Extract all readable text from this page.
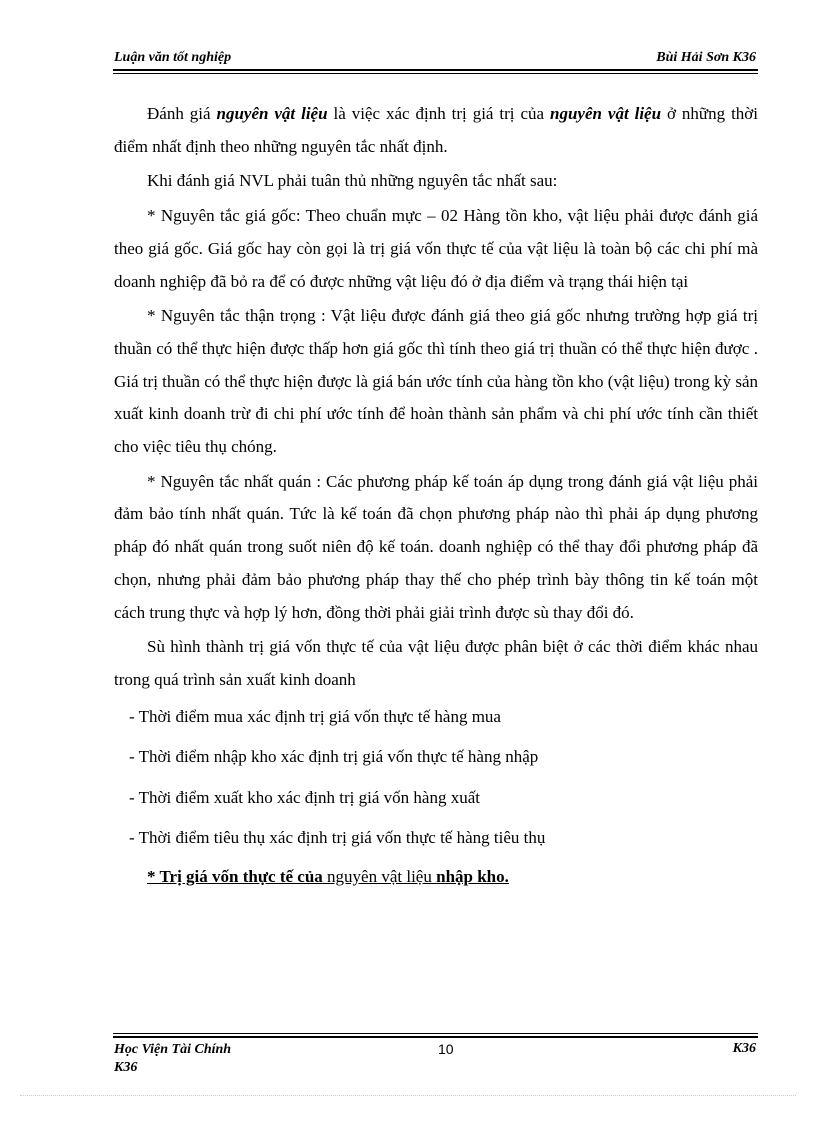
Luận văn tốt nghiệp	Bùi Hải Sơn K36

Đánh giá nguyên vật liệu là việc xác định trị giá trị của nguyên vật liệu ở những thời điểm nhất định theo những nguyên tắc nhất định.

Khi đánh giá NVL phải tuân thủ những nguyên tắc nhất sau:

* Nguyên tắc giá gốc: Theo chuẩn mực – 02 Hàng tồn kho, vật liệu phải được đánh giá theo giá gốc. Giá gốc hay còn gọi là trị giá vốn thực tế của vật liệu là toàn bộ các chi phí mà doanh nghiệp đã bỏ ra để có được những vật liệu đó ở địa điểm và trạng thái hiện tại

* Nguyên tắc thận trọng : Vật liệu được đánh giá theo giá gốc nhưng trường hợp giá trị thuần có thể thực hiện được thấp hơn giá gốc thì tính theo giá trị thuần có thể thực hiện được . Giá trị thuần có thể thực hiện được là giá bán ước tính của hàng tồn kho (vật liệu) trong kỳ sản xuất kinh doanh trừ đi chi phí ước tính để hoàn thành sản phẩm và chi phí ước tính cần thiết cho việc tiêu thụ chóng.

* Nguyên tắc nhất quán : Các phương pháp kế toán áp dụng trong đánh giá vật liệu phải đảm bảo tính nhất quán. Tức là kế toán đã chọn phương pháp nào thì phải áp dụng phương pháp đó nhất quán trong suốt niên độ kế toán. doanh nghiệp có thể thay đổi phương pháp đã chọn, nhưng phải đảm bảo phương pháp thay thế cho phép trình bày thông tin kế toán một cách trung thực và hợp lý hơn, đồng thời phải giải trình được sù thay đổi đó.

Sù hình thành trị giá vốn thực tế của vật liệu được phân biệt ở các thời điểm khác nhau trong quá trình sản xuất kinh doanh

- Thời điểm mua xác định trị giá vốn thực tế hàng mua

- Thời điểm nhập kho xác định trị giá vốn thực tế hàng nhập

- Thời điểm xuất kho xác định trị giá vốn hàng xuất

- Thời điểm tiêu thụ xác định trị giá vốn thực tế hàng tiêu thụ

* Trị giá vốn thực tế của nguyên vật liệu nhập kho.

Học Viện Tài Chính
K36
10	K36
